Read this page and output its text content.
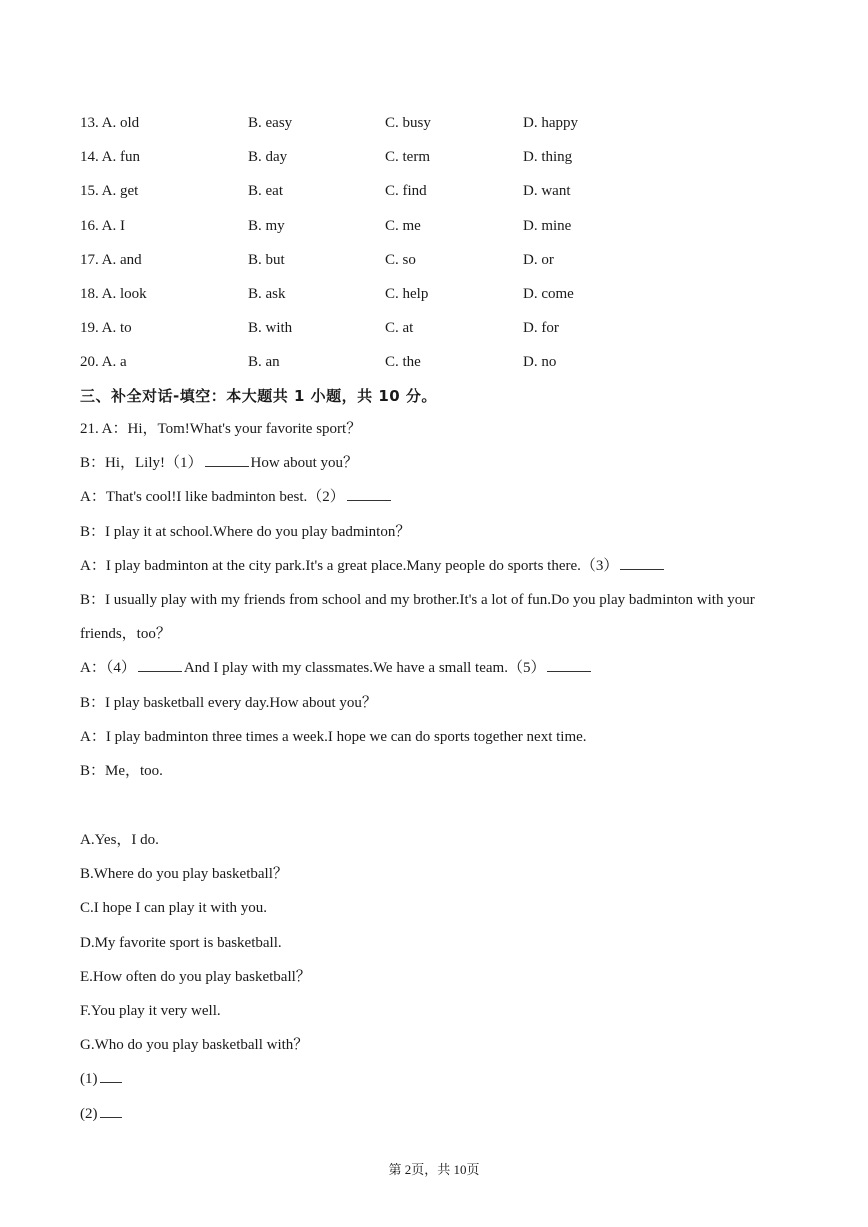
13. A. old	B. easy	C. busy	D. happy
14. A. fun	B. day	C. term	D. thing
15. A. get	B. eat	C. find	D. want
16. A. I	B. my	C. me	D. mine
17. A. and	B. but	C. so	D. or
18. A. look	B. ask	C. help	D. come
19. A. to	B. with	C. at	D. for
20. A. a	B. an	C. the	D. no
三、补全对话-填空：本大题共 1 小题，共 10 分。
21. A：Hi，Tom!What's your favorite sport？
B：Hi，Lily!（1）	How about you？
A：That's cool!I like badminton best.（2）
B：I play it at school.Where do you play badminton？
A：I play badminton at the city park.It's a great place.Many people do sports there.（3）
B：I usually play with my friends from school and my brother.It's a lot of fun.Do you play badminton with your
friends，too？
A：（4）	And I play with my classmates.We have a small team.（5）
B：I play basketball every day.How about you？
A：I play badminton three times a week.I hope we can do sports together next time.
B：Me，too.
A.Yes，I do.
B.Where do you play basketball？
C.I hope I can play it with you.
D.My favorite sport is basketball.
E.How often do you play basketball？
F.You play it very well.
G.Who do you play basketball with？
(1)
(2)
第 2页，共 10页
